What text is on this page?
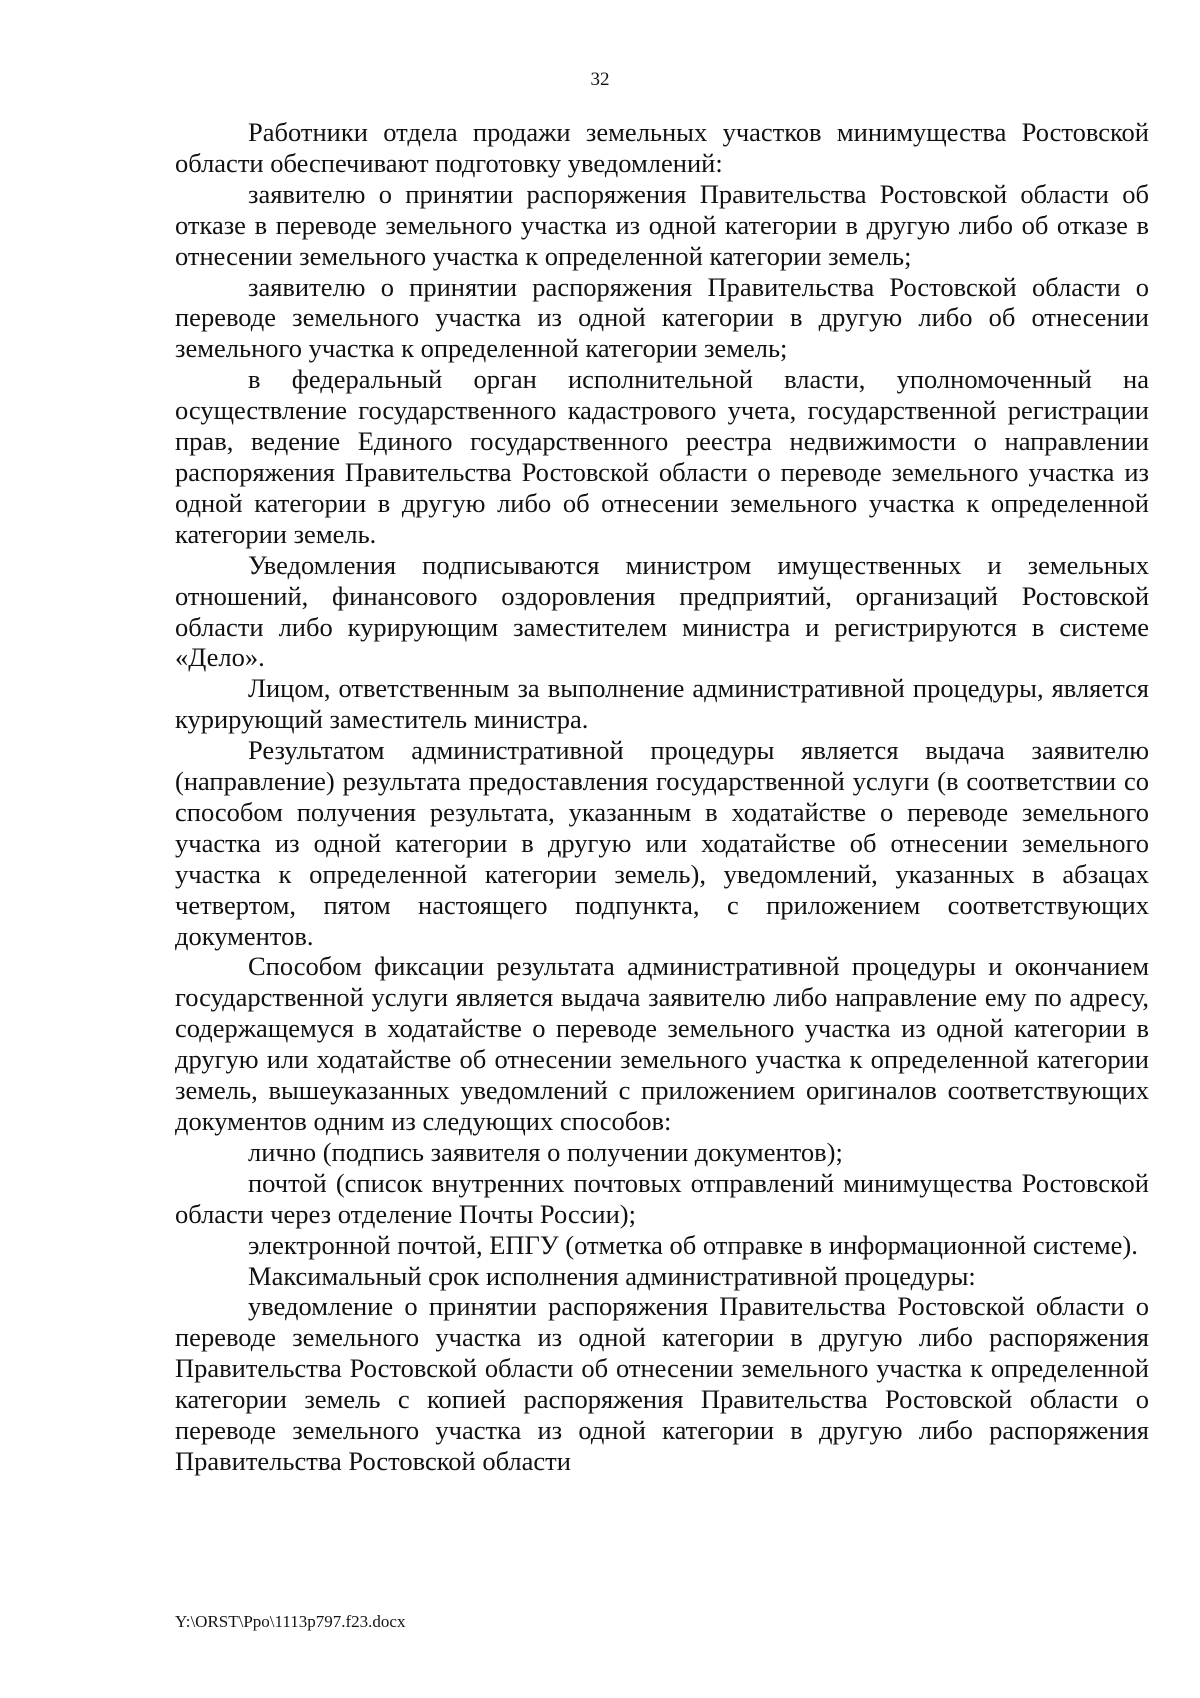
32

Работники отдела продажи земельных участков минимущества Ростовской области обеспечивают подготовку уведомлений:

заявителю о принятии распоряжения Правительства Ростовской области об отказе в переводе земельного участка из одной категории в другую либо об отказе в отнесении земельного участка к определенной категории земель;

заявителю о принятии распоряжения Правительства Ростовской области о переводе земельного участка из одной категории в другую либо об отнесении земельного участка к определенной категории земель;

в федеральный орган исполнительной власти, уполномоченный на осуществление государственного кадастрового учета, государственной регистрации прав, ведение Единого государственного реестра недвижимости о направлении распоряжения Правительства Ростовской области о переводе земельного участка из одной категории в другую либо об отнесении земельного участка к определенной категории земель.

Уведомления подписываются министром имущественных и земельных отношений, финансового оздоровления предприятий, организаций Ростовской области либо курирующим заместителем министра и регистрируются в системе «Дело».

Лицом, ответственным за выполнение административной процедуры, является курирующий заместитель министра.

Результатом административной процедуры является выдача заявителю (направление) результата предоставления государственной услуги (в соответствии со способом получения результата, указанным в ходатайстве о переводе земельного участка из одной категории в другую или ходатайстве об отнесении земельного участка к определенной категории земель), уведомлений, указанных в абзацах четвертом, пятом настоящего подпункта, с приложением соответствующих документов.

Способом фиксации результата административной процедуры и окончанием государственной услуги является выдача заявителю либо направление ему по адресу, содержащемуся в ходатайстве о переводе земельного участка из одной категории в другую или ходатайстве об отнесении земельного участка к определенной категории земель, вышеуказанных уведомлений с приложением оригиналов соответствующих документов одним из следующих способов:

лично (подпись заявителя о получении документов);

почтой (список внутренних почтовых отправлений минимущества Ростовской области через отделение Почты России);

электронной почтой, ЕПГУ (отметка об отправке в информационной системе).

Максимальный срок исполнения административной процедуры:

уведомление о принятии распоряжения Правительства Ростовской области о переводе земельного участка из одной категории в другую либо распоряжения Правительства Ростовской области об отнесении земельного участка к определенной категории земель с копией распоряжения Правительства Ростовской области о переводе земельного участка из одной категории в другую либо распоряжения Правительства Ростовской области

Y:\ORST\Ppo\1113p797.f23.docx
